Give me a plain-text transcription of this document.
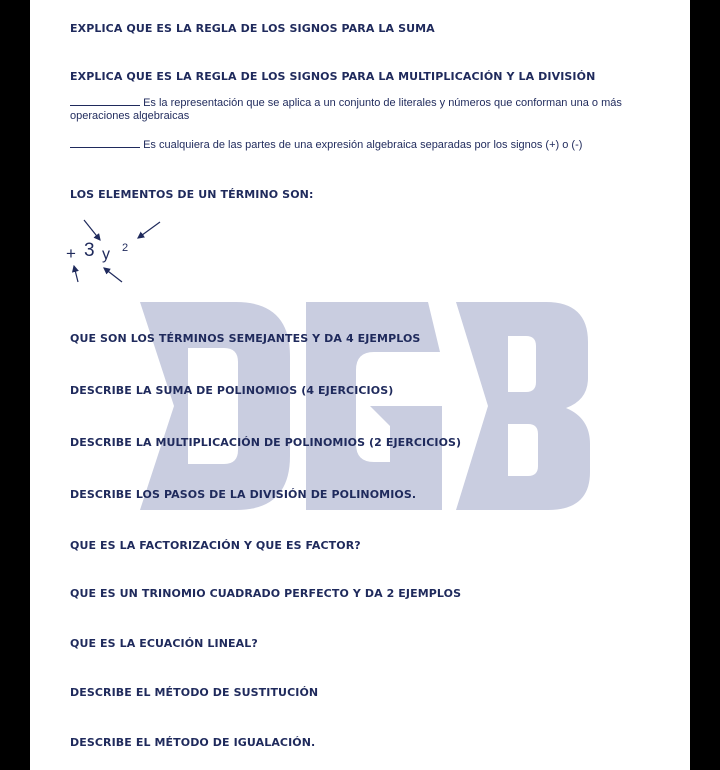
EXPLICA QUE ES LA REGLA DE LOS SIGNOS PARA LA SUMA
EXPLICA QUE ES LA REGLA DE LOS SIGNOS PARA LA MULTIPLICACIÓN Y LA DIVISIÓN
Es la representación que se aplica a un conjunto de literales y números que conforman una o más operaciones algebraicas
Es cualquiera de las partes de una expresión algebraica separadas por los signos (+) o (-)
LOS ELEMENTOS DE UN TÉRMINO SON:
+ 3 y 2
QUE SON LOS TÉRMINOS SEMEJANTES Y DA 4 EJEMPLOS
DESCRIBE LA SUMA DE POLINOMIOS (4 EJERCICIOS)
DESCRIBE LA MULTIPLICACIÓN DE POLINOMIOS (2 EJERCICIOS)
DESCRIBE LOS PASOS DE LA DIVISIÓN DE POLINOMIOS.
QUE ES LA FACTORIZACIÓN Y QUE ES FACTOR?
QUE ES UN TRINOMIO CUADRADO PERFECTO Y DA 2 EJEMPLOS
QUE ES LA ECUACIÓN LINEAL?
DESCRIBE EL MÉTODO DE SUSTITUCIÓN
DESCRIBE EL MÉTODO DE IGUALACIÓN.
